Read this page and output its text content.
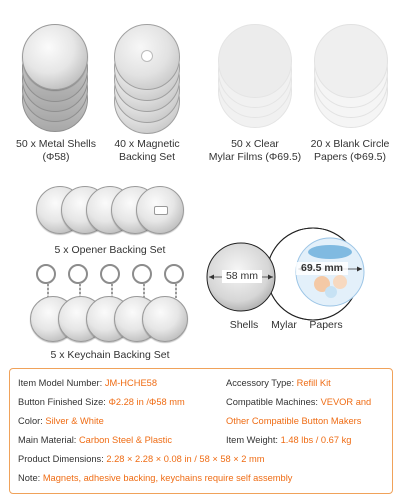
50 x Metal Shells
(Φ58)
40 x Magnetic
Backing Set
50 x Clear
Mylar Films (Φ69.5)
20 x Blank Circle
Papers (Φ69.5)
5 x Opener Backing Set
5 x Keychain Backing Set
58 mm
69.5 mm
Shells	Mylar	Papers
Item Model Number: JM-HCHE58
Button Finished Size: Φ2.28 in /Φ58 mm
Color: Silver & White
Main Material: Carbon Steel & Plastic
Product Dimensions: 2.28 × 2.28 × 0.08 in / 58 × 58 × 2 mm
Note: Magnets, adhesive backing, keychains require self assembly
Accessory Type: Refill Kit
Compatible Machines: VEVOR and
Other Compatible Button Makers
Item Weight: 1.48 lbs / 0.67 kg
